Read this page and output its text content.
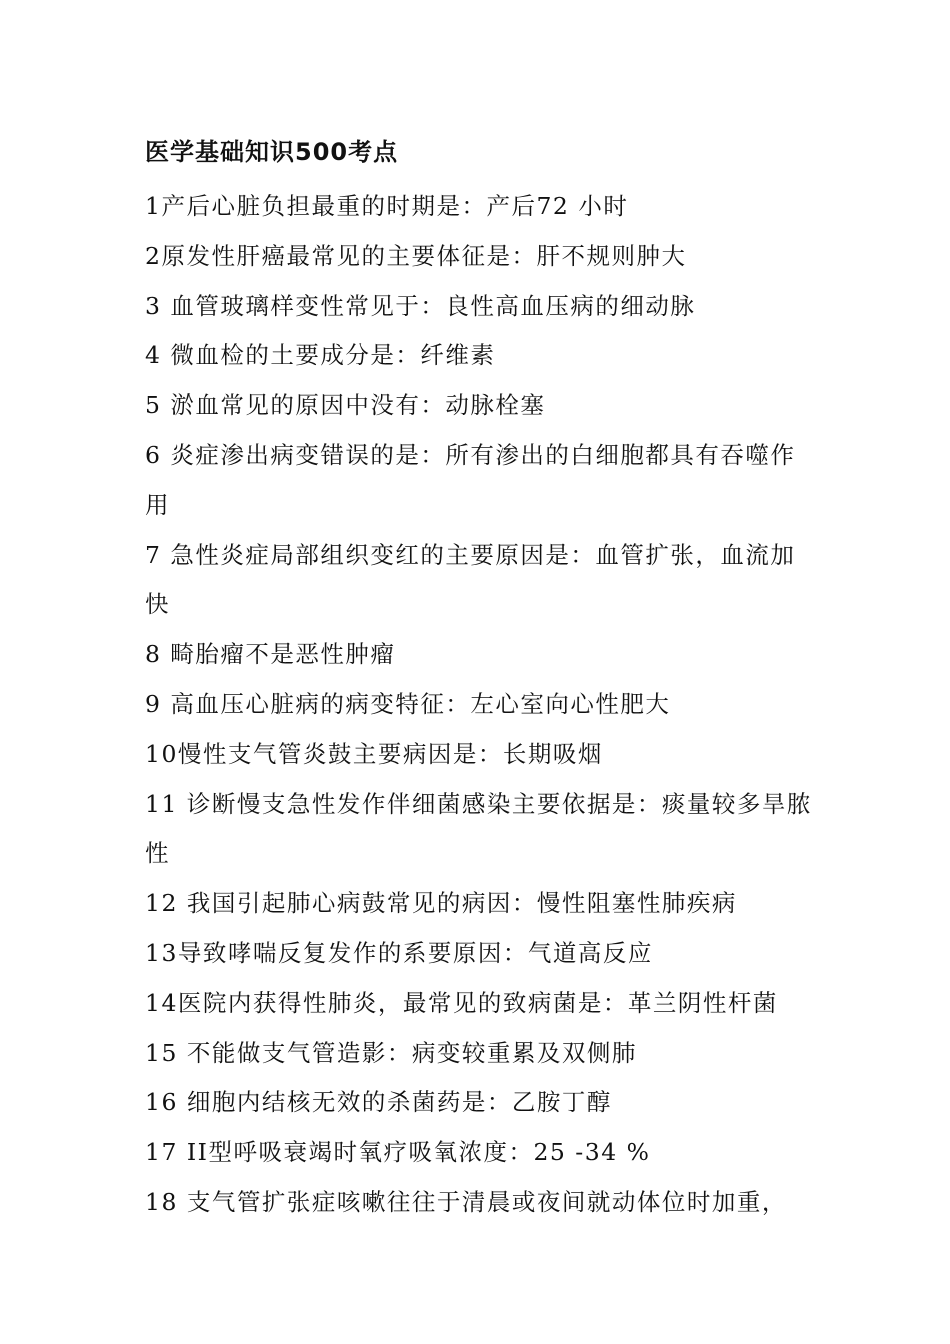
医学基础知识500考点
1产后心脏负担最重的时期是：产后72 小时
2原发性肝癌最常见的主要体征是：肝不规则肿大
3 血管玻璃样变性常见于：良性高血压病的细动脉
4 微血检的土要成分是：纤维素
5 淤血常见的原因中没有：动脉栓塞
6 炎症渗出病变错误的是：所有渗出的白细胞都具有吞噬作用
7 急性炎症局部组织变红的主要原因是：血管扩张，血流加快
8 畸胎瘤不是恶性肿瘤
9 高血压心脏病的病变特征：左心室向心性肥大
10慢性支气管炎鼓主要病因是：长期吸烟
11 诊断慢支急性发作伴细菌感染主要依据是：痰量较多旱脓性
12 我国引起肺心病鼓常见的病因：慢性阻塞性肺疾病
13导致哮喘反复发作的系要原因：气道高反应
14医院内获得性肺炎，最常见的致病菌是：革兰阴性杆菌
15 不能做支气管造影：病变较重累及双侧肺
16 细胞内结核无效的杀菌药是：乙胺丁醇
17 II型呼吸衰竭时氧疗吸氧浓度：25 -34 %
18 支气管扩张症咳嗽往往于清晨或夜间就动体位时加重，
